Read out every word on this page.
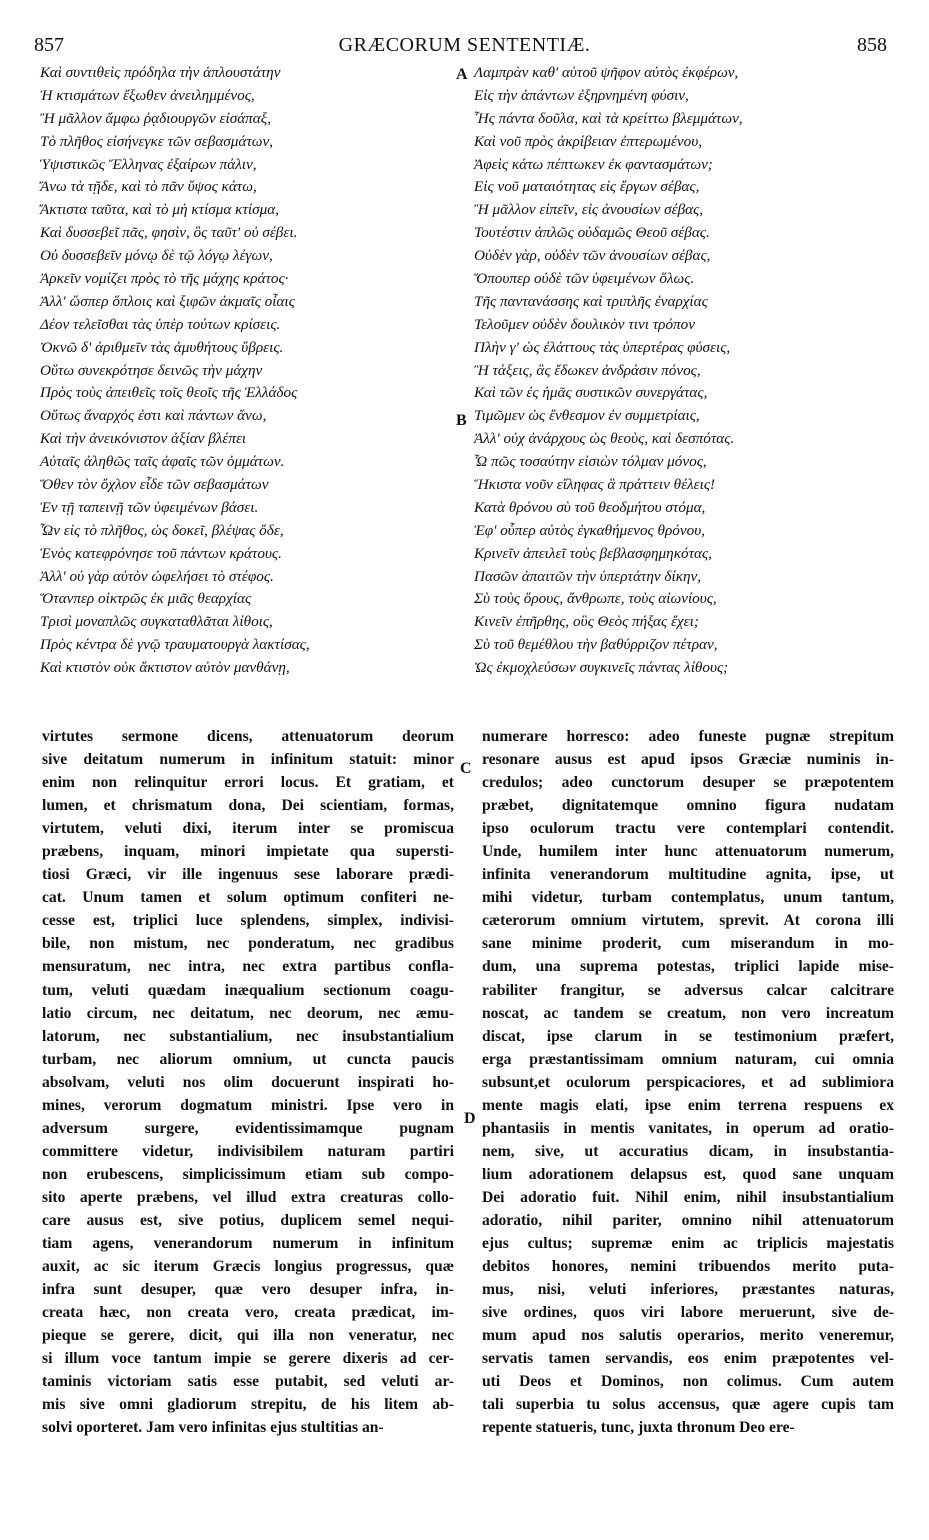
857	GRÆCORUM SENTENTIÆ.	858
Καὶ συντιθεὶς πρόδηλα τὴν ἁπλουστάτην
Ἠ κτισμάτων ἔξωθεν ἀνειλημμένος,
Ἢ μᾶλλον ἄμφω ῥᾳδιουργῶν εἰσάπαξ,
Τὸ πλῆθος εἰσήνεγκε τῶν σεβασμάτων,
Ὑψιστικῶς Ἕλληνας ἐξαίρων πάλιν,
Ἄνω τὰ τῇδε, καὶ τὸ πᾶν ὕψος κάτω,
Ἄκτιστα ταῦτα, καὶ τὸ μὴ κτίσμα κτίσμα,
Καὶ δυσσεβεῖ πᾶς, φησὶν, ὃς ταῦτ' οὐ σέβει.
Οὐ δυσσεβεῖν μόνῳ δὲ τῷ λόγῳ λέγων,
Ἀρκεῖν νομίζει πρὸς τὸ τῆς μάχης κράτος·
Ἀλλ' ὥσπερ ὅπλοις καὶ ξιφῶν ἀκμαῖς οἶαις
Δέον τελεῖσθαι τὰς ὑπὲρ τούτων κρίσεις.
Ὀκνῶ δ' ἀριθμεῖν τὰς ἀμυθήτους ὕβρεις.
Οὕτω συνεκρότησε δεινῶς τὴν μάχην
Πρὸς τοὺς ἀπειθεῖς τοῖς θεοῖς τῆς Ἑλλάδος
Οὕτως ἄναρχός ἐστι καὶ πάντων ἄνω,
Καὶ τὴν ἀνεικόνιστον ἀξίαν βλέπει
Αὐταῖς ἀληθῶς ταῖς ἀφαῖς τῶν ὀμμάτων.
Ὅθεν τὸν ὄχλον εἶδε τῶν σεβασμάτων
Ἐν τῇ ταπεινῇ τῶν ὑφειμένων βάσει.
Ὧν εἰς τὸ πλῆθος, ὡς δοκεῖ, βλέψας ὅδε,
Ἑνὸς κατεφρόνησε τοῦ πάντων κράτους.
Ἀλλ' οὐ γὰρ αὐτὸν ὠφελήσει τὸ στέφος.
Ὅτανπερ οἰκτρῶς ἐκ μιᾶς θεαρχίας
Τρισὶ μοναπλῶς συγκαταθλᾶται λίθοις,
Πρὸς κέντρα δὲ γνῷ τραυματουργὰ λακτίσας,
Καὶ κτιστὸν οὐκ ἄκτιστον αὐτὸν μανθάνῃ,
Λαμπρὰν καθ' αὑτοῦ ψῆφον αὐτὸς ἐκφέρων,
Εἰς τὴν ἁπάντων ἐξηρνημένη φύσιν,
Ἧς πάντα δοῦλα, καὶ τὰ κρείττω βλεμμάτων,
Καὶ νοῦ πρὸς ἀκρίβειαν ἐπτερωμένου,
Ἀφεὶς κάτω πέπτωκεν ἐκ φαντασμάτων;
Εἰς νοῦ ματαιότητας εἰς ἔργων σέβας,
Ἢ μᾶλλον εἰπεῖν, εἰς ἀνουσίων σέβας,
Τουτέστιν ἁπλῶς οὐδαμῶς Θεοῦ σέβας.
Οὐδὲν γὰρ, οὐδὲν τῶν ἀνουσίων σέβας,
Ὅπουπερ οὐδὲ τῶν ὑφειμένων ὅλως.
Τῆς παντανάσσης καὶ τριπλῆς ἐναρχίας
Τελοῦμεν οὐδὲν δουλικὸν τινι τρόπον
Πλὴν γ' ὡς ἐλάττους τὰς ὑπερτέρας φύσεις,
Ἢ τάξεις, ἃς ἔδωκεν ἀνδράσιν πόνος,
Καὶ τῶν ἐς ἡμᾶς συστικῶν συνεργάτας,
Τιμῶμεν ὡς ἔνθεσμον ἐν συμμετρίαις,
Ἀλλ' οὐχ ἀνάρχους ὡς θεοὺς, καὶ δεσπότας.
Ὦ πῶς τοσαύτην εἰσιὼν τόλμαν μόνος,
Ἥκιστα νοῦν εἴληφας ἃ πράττειν θέλεις!
Κατὰ θρόνου σὺ τοῦ θεοδμήτου στόμα,
Ἐφ' οὗπερ αὐτὸς ἐγκαθήμενος θρόνου,
Κρινεῖν ἀπειλεῖ τοὺς βεβλασφημηκότας,
Πασῶν ἀπαιτῶν τὴν ὑπερτάτην δίκην,
Σὺ τοὺς ὅρους, ἄνθρωπε, τοὺς αἰωνίους,
Κινεῖν ἐπῆρθης, οὓς Θεὸς πήξας ἔχει;
Σὺ τοῦ θεμέθλου τὴν βαθύρριζον πέτραν,
Ὡς ἐκμοχλεύσων συγκινεῖς πάντας λίθους;
A
B
C
D
virtutes sermone dicens, attenuatorum deorum
sive deitatum numerum in infinitum statuit: minor
enim non relinquitur errori locus. Et gratiam, et
lumen, et chrismatum dona, Dei scientiam, formas,
virtutem, veluti dixi, iterum inter se promiscua
præbens, inquam, minori impietate qua supersti-
tiosi Græci, vir ille ingenuus sese laborare prædi-
cat. Unum tamen et solum optimum confiteri ne-
cesse est, triplici luce splendens, simplex, indivisi-
bile, non mistum, nec ponderatum, nec gradibus
mensuratum, nec intra, nec extra partibus confla-
tum, veluti quædam inæqualium sectionum coagu-
latio circum, nec deitatum, nec deorum, nec æmu-
latorum, nec substantialium, nec insubstantialium
turbam, nec aliorum omnium, ut cuncta paucis
absolvam, veluti nos olim docuerunt inspirati ho-
mines, verorum dogmatum ministri. Ipse vero in
adversum surgere, evidentissimamque pugnam
committere videtur, indivisibilem naturam partiri
non erubescens, simplicissimum etiam sub compo-
sito aperte præbens, vel illud extra creaturas collo-
care ausus est, sive potius, duplicem semel nequi-
tiam agens, venerandorum numerum in infinitum
auxit, ac sic iterum Græcis longius progressus, quæ
infra sunt desuper, quæ vero desuper infra, in-
creata hæc, non creata vero, creata prædicat, im-
pieque se gerere, dicit, qui illa non veneratur, nec
si illum voce tantum impie se gerere dixeris ad cer-
taminis victoriam satis esse putabit, sed veluti ar-
mis sive omni gladiorum strepitu, de his litem ab-
solvi oporteret. Jam vero infinitas ejus stultitias an-
numerare horresco: adeo funeste pugnæ strepitum
resonare ausus est apud ipsos Græciæ numinis in-
credulos; adeo cunctorum desuper se præpotentem
præbet, dignitatemque omnino figura nudatam
ipso oculorum tractu vere contemplari contendit.
Unde, humilem inter hunc attenuatorum numerum,
infinita venerandorum multitudine agnita, ipse, ut
mihi videtur, turbam contemplatus, unum tantum,
cæterorum omnium virtutem, sprevit. At corona illi
sane minime proderit, cum miserandum in mo-
dum, una suprema potestas, triplici lapide mise-
rabiliter frangitur, se adversus calcar calcitrare
noscat, ac tandem se creatum, non vero increatum
discat, ipse clarum in se testimonium præfert,
erga præstantissimam omnium naturam, cui omnia
subsunt,et oculorum perspicaciores, et ad sublimiora
mente magis elati, ipse enim terrena respuens ex
phantasiis in mentis vanitates, in operum ad oratio-
nem, sive, ut accuratius dicam, in insubstantia-
lium adorationem delapsus est, quod sane unquam
Dei adoratio fuit. Nihil enim, nihil insubstantialium
adoratio, nihil pariter, omnino nihil attenuatorum
ejus cultus; supremæ enim ac triplicis majestatis
debitos honores, nemini tribuendos merito puta-
mus, nisi, veluti inferiores, præstantes naturas,
sive ordines, quos viri labore meruerunt, sive de-
mum apud nos salutis operarios, merito veneremur,
servatis tamen servandis, eos enim præpotentes vel-
uti Deos et Dominos, non colimus. Cum autem
tali superbia tu solus accensus, quæ agere cupis tam
repente statueris, tunc, juxta thronum Deo ere-
